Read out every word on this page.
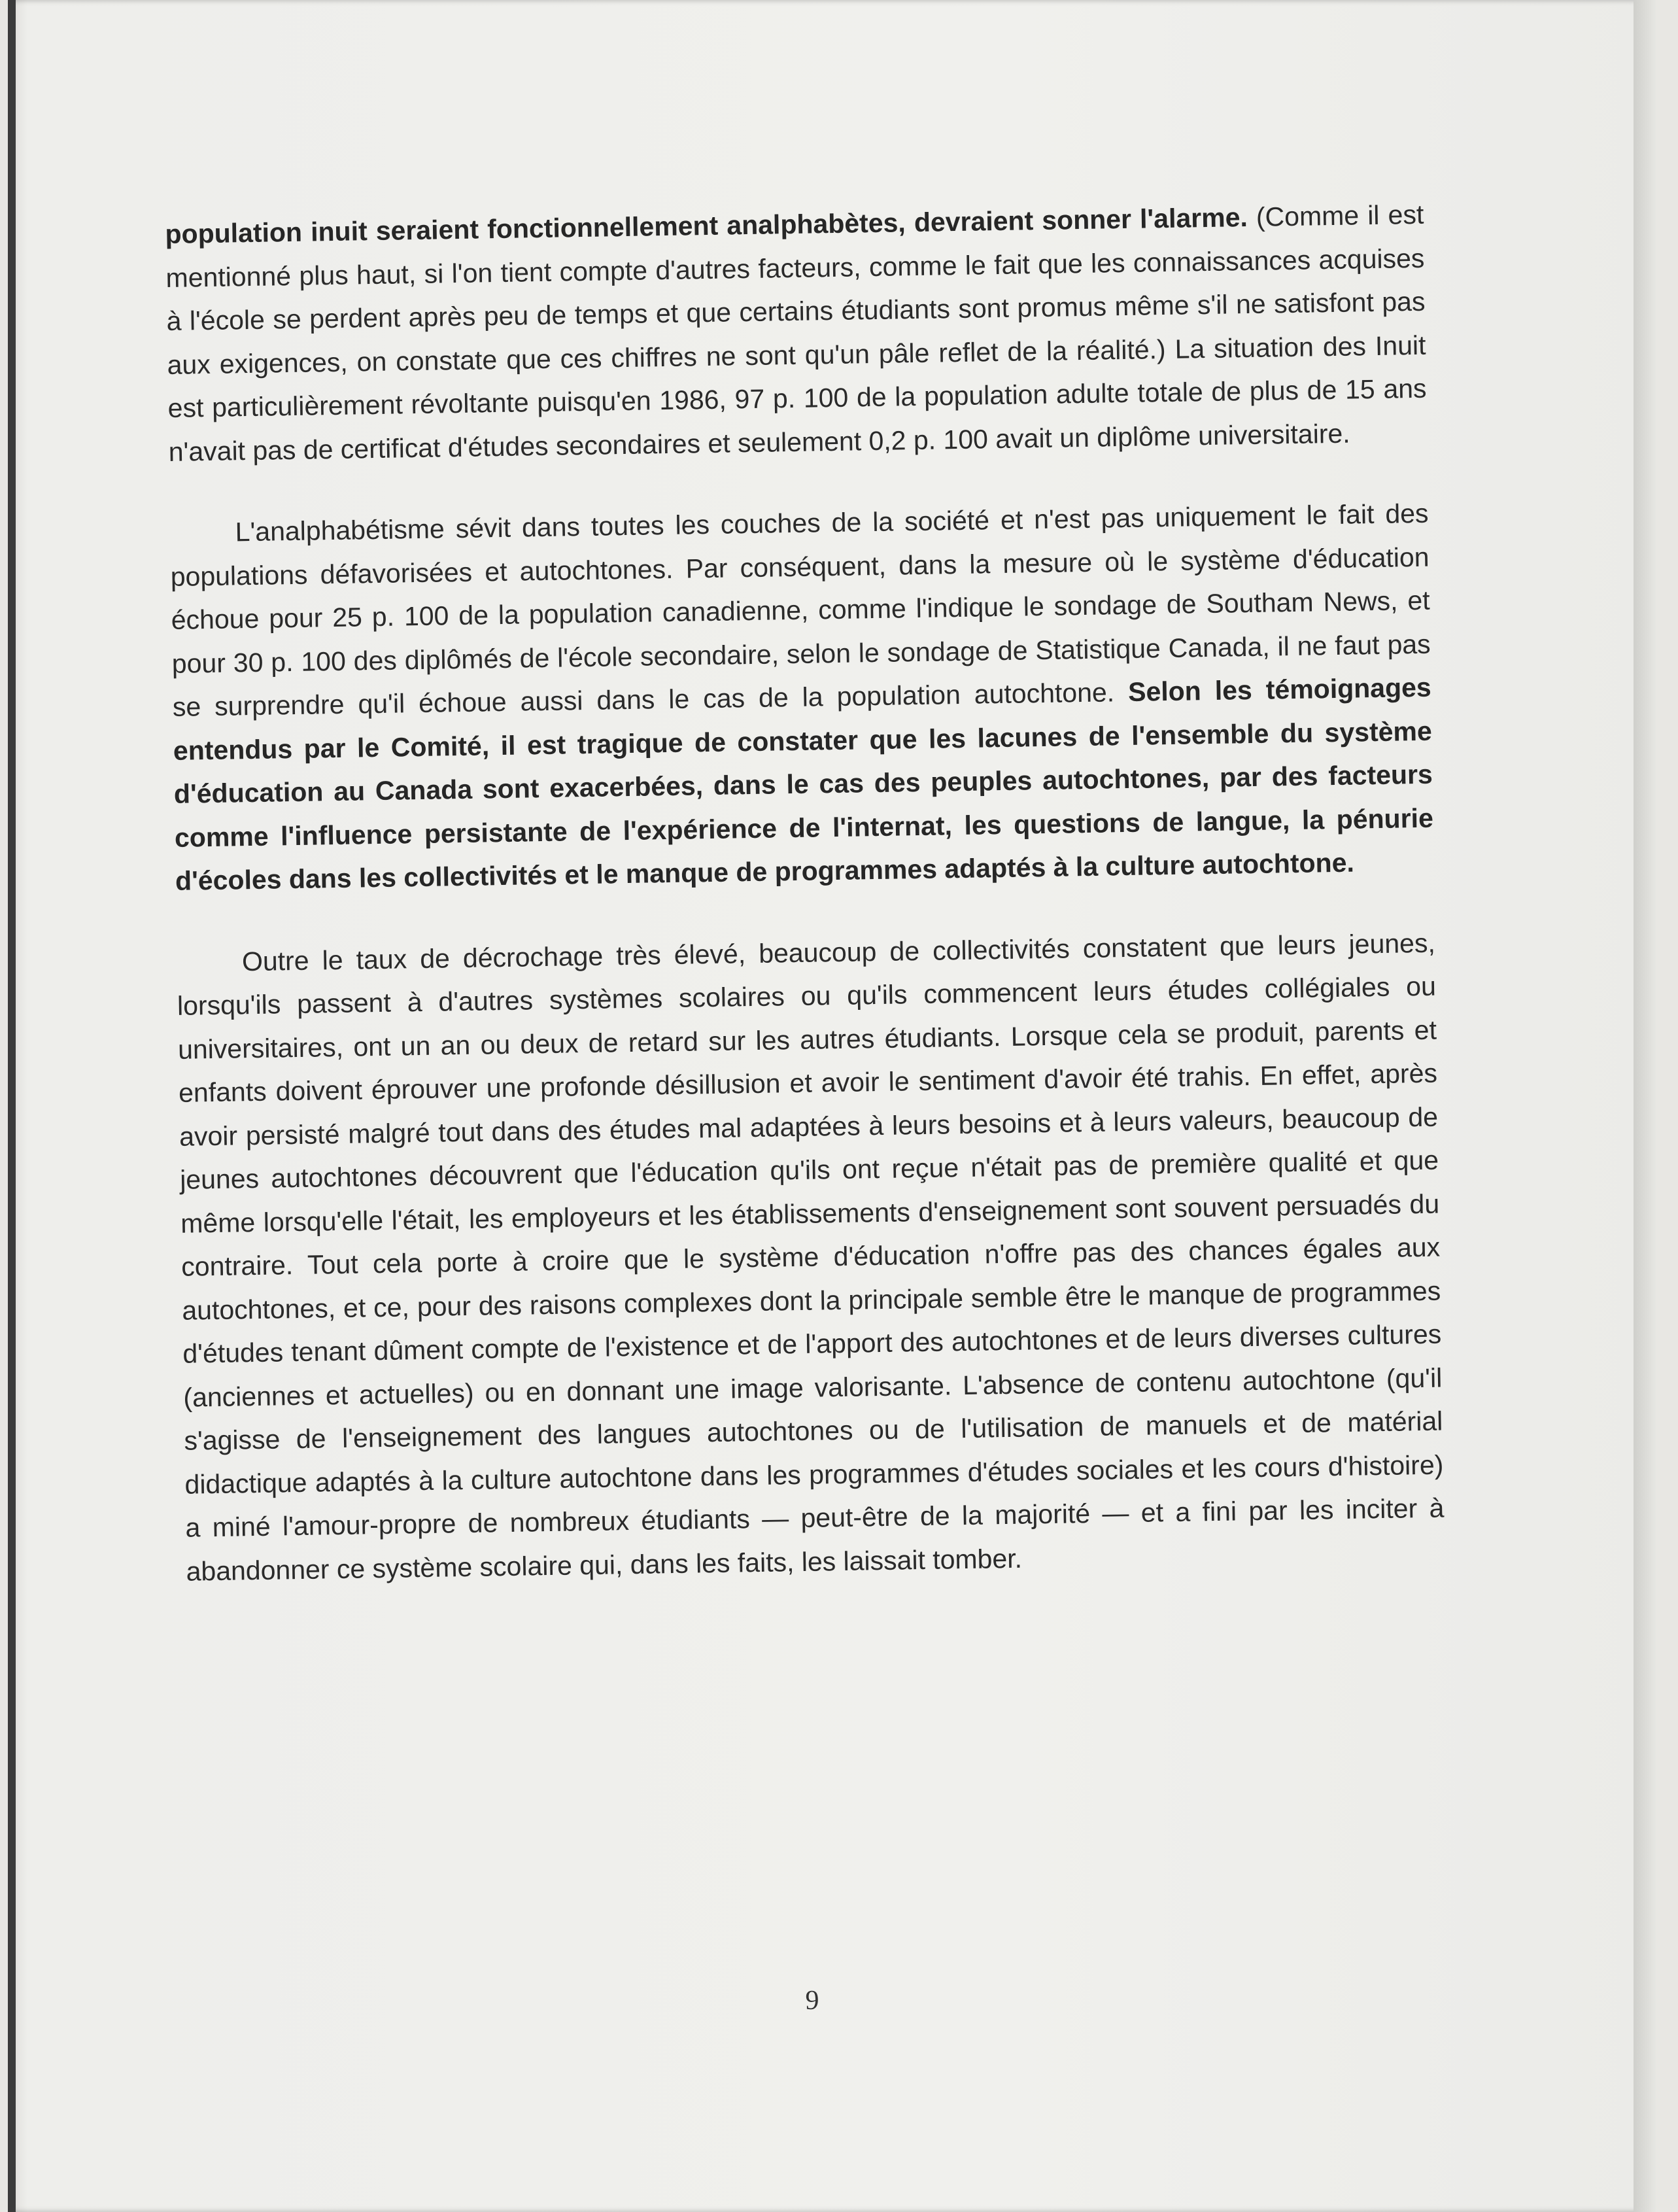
population inuit seraient fonctionnellement analphabètes, devraient sonner l'alarme. (Comme il est mentionné plus haut, si l'on tient compte d'autres facteurs, comme le fait que les connaissances acquises à l'école se perdent après peu de temps et que certains étudiants sont promus même s'il ne satisfont pas aux exigences, on constate que ces chiffres ne sont qu'un pâle reflet de la réalité.) La situation des Inuit est particulièrement révoltante puisqu'en 1986, 97 p. 100 de la population adulte totale de plus de 15 ans n'avait pas de certificat d'études secondaires et seulement 0,2 p. 100 avait un diplôme universitaire.

L'analphabétisme sévit dans toutes les couches de la société et n'est pas uniquement le fait des populations défavorisées et autochtones. Par conséquent, dans la mesure où le système d'éducation échoue pour 25 p. 100 de la population canadienne, comme l'indique le sondage de Southam News, et pour 30 p. 100 des diplômés de l'école secondaire, selon le sondage de Statistique Canada, il ne faut pas se surprendre qu'il échoue aussi dans le cas de la population autochtone. Selon les témoignages entendus par le Comité, il est tragique de constater que les lacunes de l'ensemble du système d'éducation au Canada sont exacerbées, dans le cas des peuples autochtones, par des facteurs comme l'influence persistante de l'expérience de l'internat, les questions de langue, la pénurie d'écoles dans les collectivités et le manque de programmes adaptés à la culture autochtone.

Outre le taux de décrochage très élevé, beaucoup de collectivités constatent que leurs jeunes, lorsqu'ils passent à d'autres systèmes scolaires ou qu'ils commencent leurs études collégiales ou universitaires, ont un an ou deux de retard sur les autres étudiants. Lorsque cela se produit, parents et enfants doivent éprouver une profonde désillusion et avoir le sentiment d'avoir été trahis. En effet, après avoir persisté malgré tout dans des études mal adaptées à leurs besoins et à leurs valeurs, beaucoup de jeunes autochtones découvrent que l'éducation qu'ils ont reçue n'était pas de première qualité et que même lorsqu'elle l'était, les employeurs et les établissements d'enseignement sont souvent persuadés du contraire. Tout cela porte à croire que le système d'éducation n'offre pas des chances égales aux autochtones, et ce, pour des raisons complexes dont la principale semble être le manque de programmes d'études tenant dûment compte de l'existence et de l'apport des autochtones et de leurs diverses cultures (anciennes et actuelles) ou en donnant une image valorisante. L'absence de contenu autochtone (qu'il s'agisse de l'enseignement des langues autochtones ou de l'utilisation de manuels et de matérial didactique adaptés à la culture autochtone dans les programmes d'études sociales et les cours d'histoire) a miné l'amour-propre de nombreux étudiants — peut-être de la majorité — et a fini par les inciter à abandonner ce système scolaire qui, dans les faits, les laissait tomber.

9
